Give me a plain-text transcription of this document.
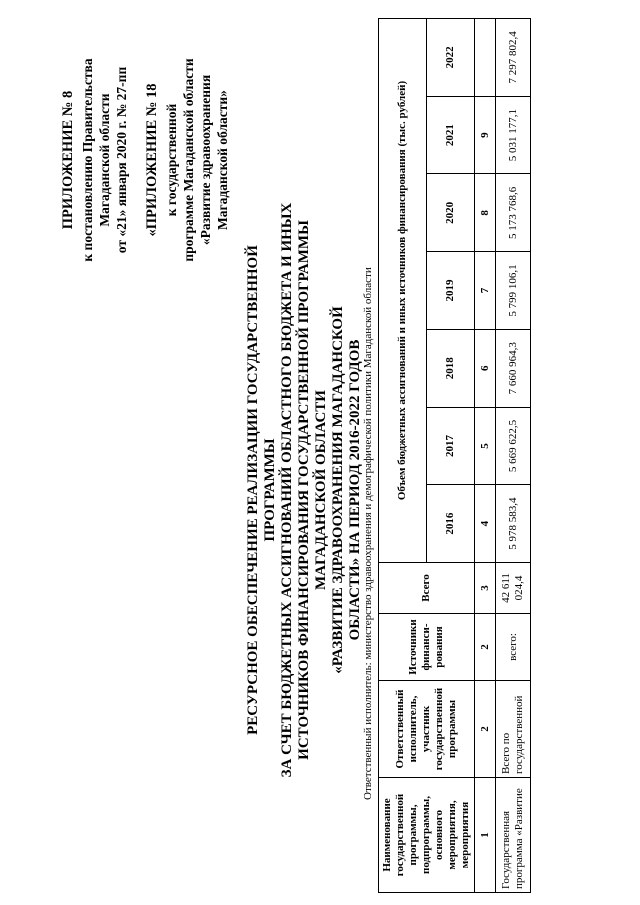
ПРИЛОЖЕНИЕ № 8 к постановлению Правительства Магаданской области от «21» января 2020 г. № 27-пп «ПРИЛОЖЕНИЕ № 18 к государственной программе Магаданской области «Развитие здравоохранения Магаданской области»
РЕСУРСНОЕ ОБЕСПЕЧЕНИЕ РЕАЛИЗАЦИИ ГОСУДАРСТВЕННОЙ ПРОГРАММЫ ЗА СЧЕТ БЮДЖЕТНЫХ АССИГНОВАНИЙ ОБЛАСТНОГО БЮДЖЕТА И ИНЫХ ИСТОЧНИКОВ ФИНАНСИРОВАНИЯ ГОСУДАРСТВЕННОЙ ПРОГРАММЫ МАГАДАНСКОЙ ОБЛАСТИ «РАЗВИТИЕ ЗДРАВООХРАНЕНИЯ МАГАДАНСКОЙ ОБЛАСТИ» НА ПЕРИОД 2016-2022 ГОДОВ Ответственный исполнитель: министерство здравоохранения и демографической политики Магаданской области
Наименование государственной программы, подпрограммы, основного мероприятия, мероприятия	Ответственный исполнитель, участник государственной программы	Источники финанси-рования	Всего	Объем бюджетных ассигнований и иных источников финансирования (тыс. рублей)						
				2016	2017	2018	2019	2020	2021	2022
1	2	2	3	4	5	6	7	8	9	
Государственная программа «Развитие	Всего по государственной	всего:	42 611 024,4	5 978 583,4	5 669 622,5	7 660 964,3	5 799 106,1	5 173 768,6	5 031 177,1	7 297 802,4
